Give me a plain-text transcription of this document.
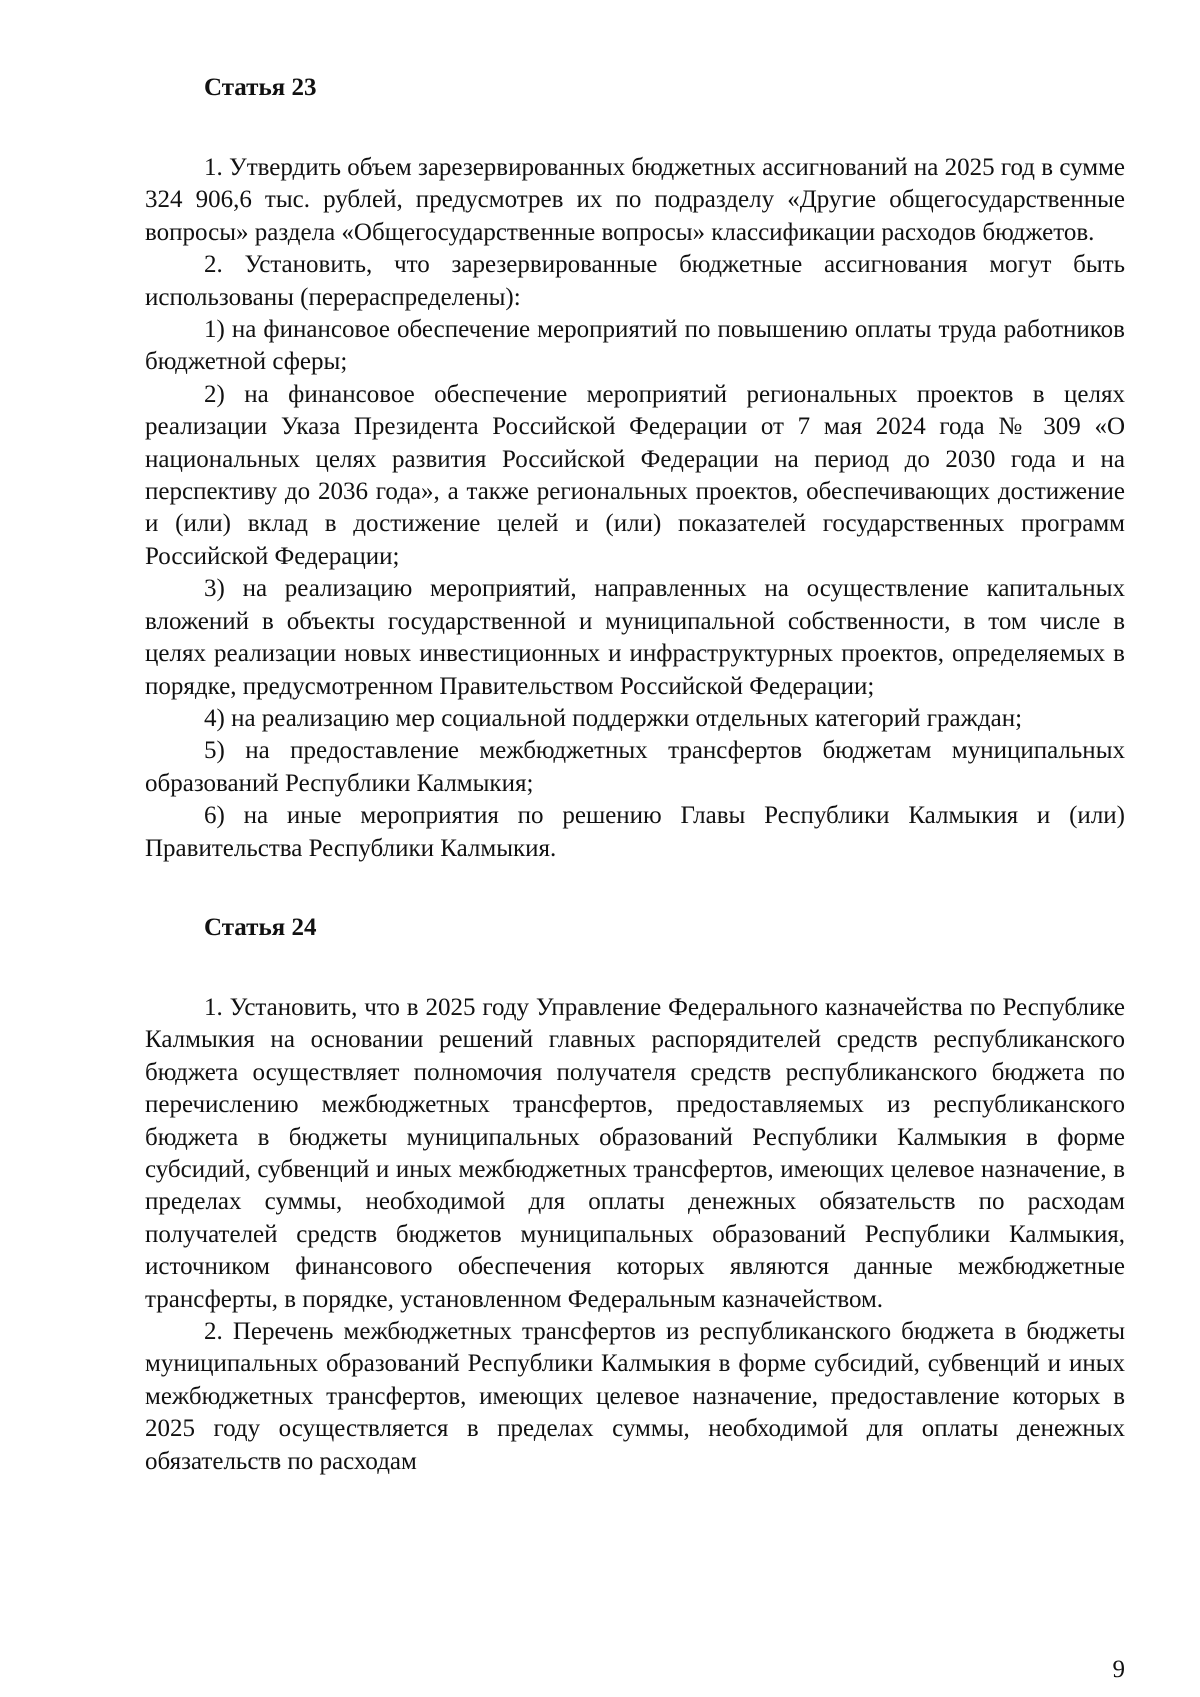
Статья 23

1. Утвердить объем зарезервированных бюджетных ассигнований на 2025 год в сумме 324 906,6 тыс. рублей, предусмотрев их по подразделу «Другие общегосударственные вопросы» раздела «Общегосударственные вопросы» классификации расходов бюджетов.

2. Установить, что зарезервированные бюджетные ассигнования могут быть использованы (перераспределены):

1) на финансовое обеспечение мероприятий по повышению оплаты труда работников бюджетной сферы;

2) на финансовое обеспечение мероприятий региональных проектов в целях реализации Указа Президента Российской Федерации от 7 мая 2024 года № 309 «О национальных целях развития Российской Федерации на период до 2030 года и на перспективу до 2036 года», а также региональных проектов, обеспечивающих достижение и (или) вклад в достижение целей и (или) показателей государственных программ Российской Федерации;

3) на реализацию мероприятий, направленных на осуществление капитальных вложений в объекты государственной и муниципальной собственности, в том числе в целях реализации новых инвестиционных и инфраструктурных проектов, определяемых в порядке, предусмотренном Правительством Российской Федерации;

4) на реализацию мер социальной поддержки отдельных категорий граждан;

5) на предоставление межбюджетных трансфертов бюджетам муниципальных образований Республики Калмыкия;

6) на иные мероприятия по решению Главы Республики Калмыкия и (или) Правительства Республики Калмыкия.

Статья 24

1. Установить, что в 2025 году Управление Федерального казначейства по Республике Калмыкия на основании решений главных распорядителей средств республиканского бюджета осуществляет полномочия получателя средств республиканского бюджета по перечислению межбюджетных трансфертов, предоставляемых из республиканского бюджета в бюджеты муниципальных образований Республики Калмыкия в форме субсидий, субвенций и иных межбюджетных трансфертов, имеющих целевое назначение, в пределах суммы, необходимой для оплаты денежных обязательств по расходам получателей средств бюджетов муниципальных образований Республики Калмыкия, источником финансового обеспечения которых являются данные межбюджетные трансферты, в порядке, установленном Федеральным казначейством.

2. Перечень межбюджетных трансфертов из республиканского бюджета в бюджеты муниципальных образований Республики Калмыкия в форме субсидий, субвенций и иных межбюджетных трансфертов, имеющих целевое назначение, предоставление которых в 2025 году осуществляется в пределах суммы, необходимой для оплаты денежных обязательств по расходам

9
